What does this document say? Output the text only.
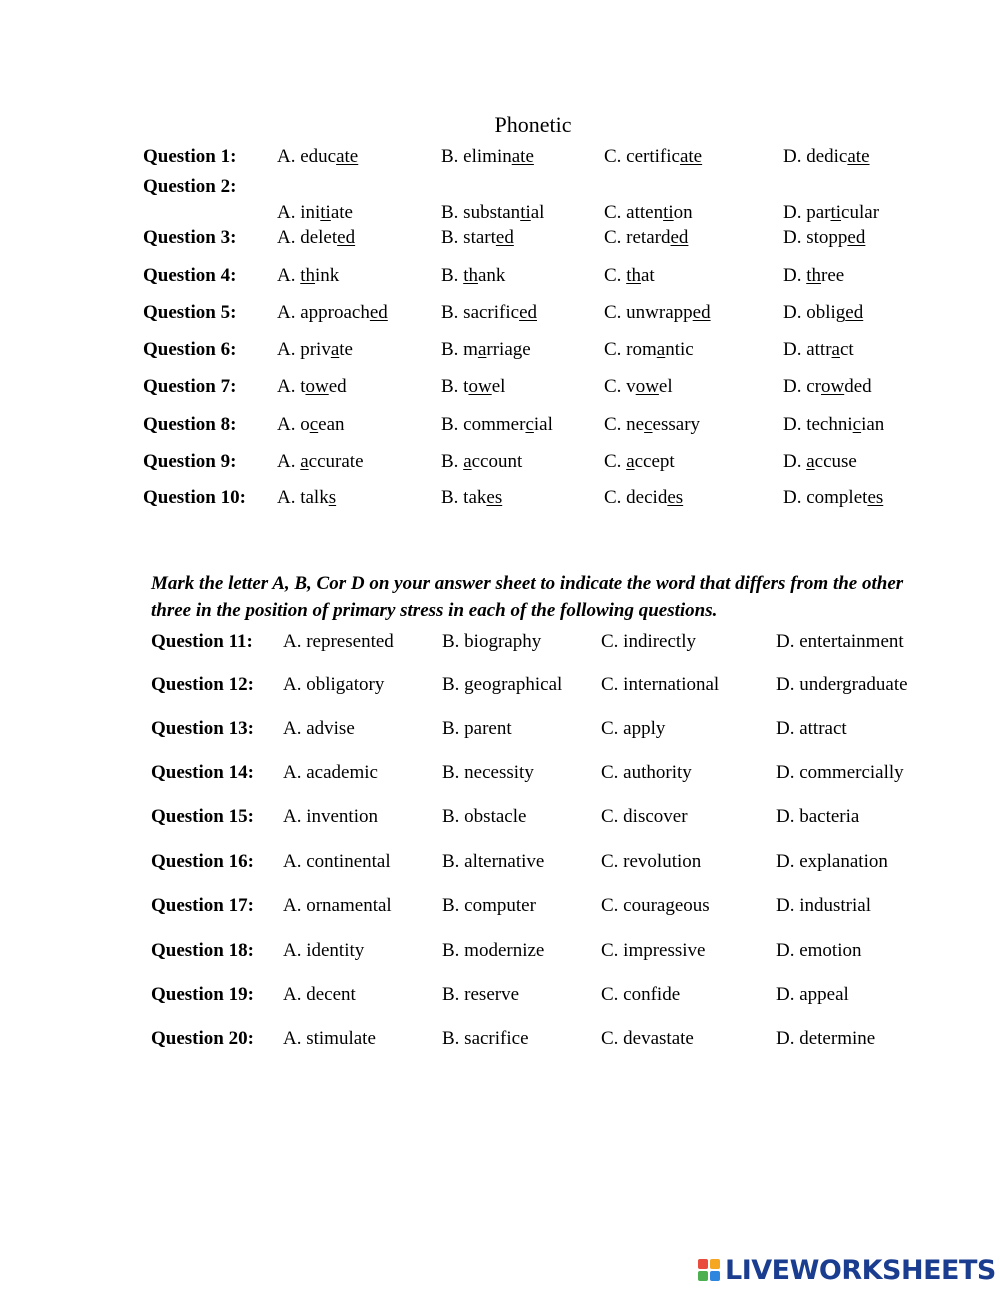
Phonetic
Question 1: A. educate	B. eliminate	C. certificate	D. dedicate
Question 2:
A. initiate	B. substantial	C. attention	D. particular
Question 3: A. deleted	B. started	C. retarded	D. stopped
Question 4: A. think	B. thank	C. that	D. three
Question 5: A. approached	B. sacrificed	C. unwrapped	D. obliged
Question 6: A. private	B. marriage	C. romantic	D. attract
Question 7: A. towed	B. towel	C. vowel	D. crowded
Question 8: A. ocean	B. commercial	C. necessary	D. technician
Question 9: A. accurate	B. account	C. accept	D. accuse
Question 10: A. talks	B. takes	C. decides	D. completes
Mark the letter A, B, Cor D on your answer sheet to indicate the word that differs from the other three in the position of primary stress in each of the following questions.
Question 11: A. represented	B. biography	C. indirectly	D. entertainment
Question 12: A. obligatory	B. geographical C. international	D. undergraduate
Question 13: A. advise	B. parent	C. apply	D. attract
Question 14: A. academic	B. necessity	C. authority	D. commercially
Question 15: A. invention	B. obstacle	C. discover	D. bacteria
Question 16: A. continental	B. alternative	C. revolution	D. explanation
Question 17: A. ornamental	B. computer	C. courageous	D. industrial
Question 18: A. identity	B. modernize	C. impressive	D. emotion
Question 19: A. decent	B. reserve	C. confide	D. appeal
Question 20: A. stimulate	B. sacrifice	C. devastate	D. determine
LIVEWORKSHEETS
